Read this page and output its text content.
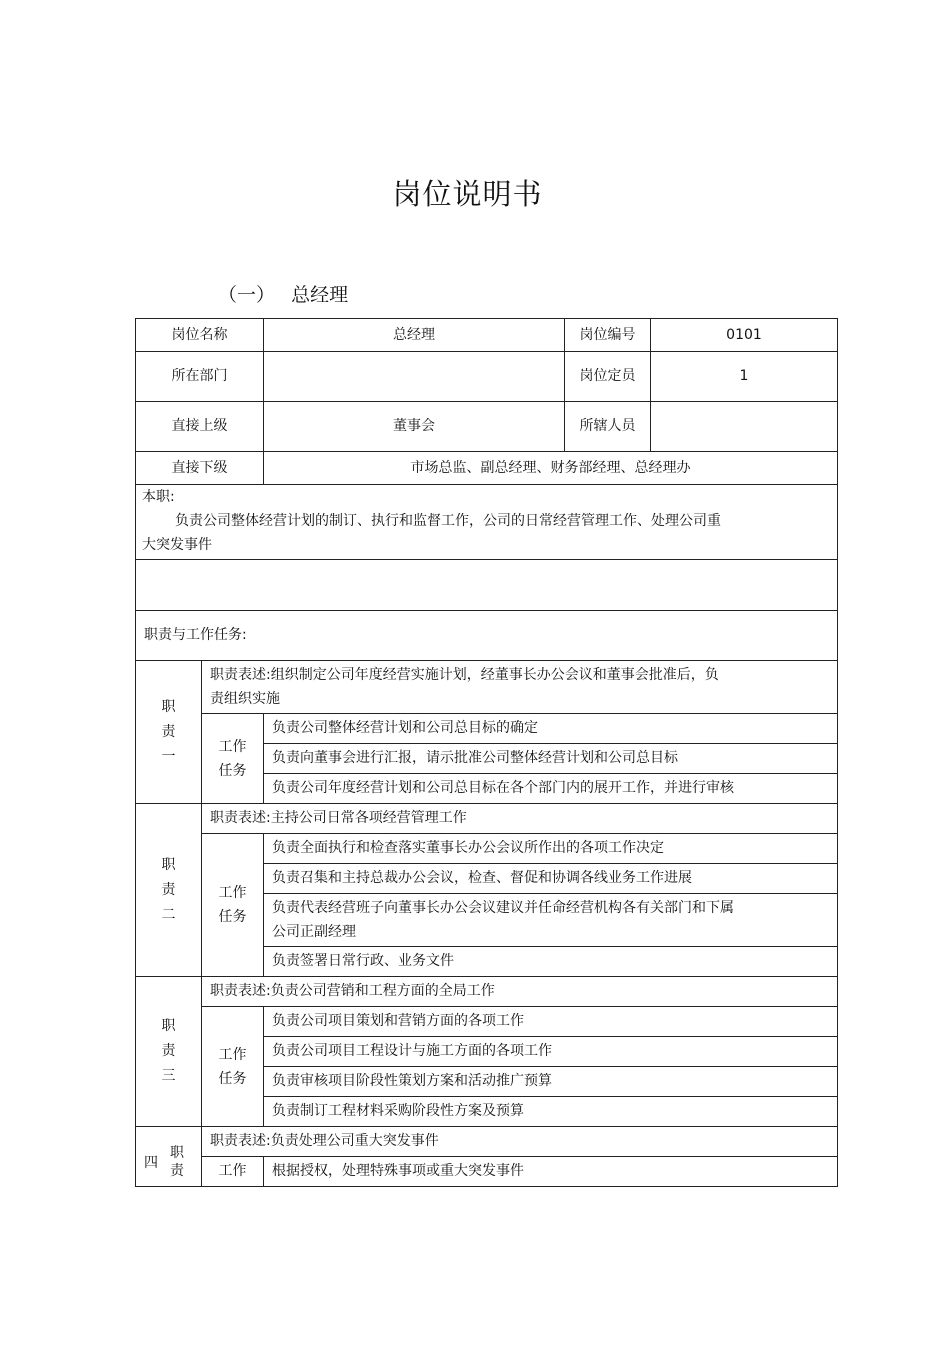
岗位说明书
（一） 总经理
岗位名称		总经理	岗位编号	0101
所在部门			岗位定员	1
直接上级		董事会	所辖人员	
直接下级		市场总监、副总经理、财务部经理、总经理办		
本职:
负责公司整体经营计划的制订、执行和监督工作，公司的日常经营管理工作、处理公司重
大突发事件				

职责与工作任务:				

职
责
一	职责表述:组织制定公司年度经营实施计划，经董事长办公会议和董事会批准后，负
责组织实施			

	工作
任务	负责公司整体经营计划和公司总目标的确定		
		负责向董事会进行汇报，请示批准公司整体经营计划和公司总目标		
		负责公司年度经营计划和公司总目标在各个部门内的展开工作，并进行审核		

职
责
二	职责表述:主持公司日常各项经营管理工作			

	工作
任务	负责全面执行和检查落实董事长办公会议所作出的各项工作决定		
		负责召集和主持总裁办公会议，检查、督促和协调各线业务工作进展		
		负责代表经营班子向董事长办公会议建议并任命经营机构各有关部门和下属
公司正副经理		
		负责签署日常行政、业务文件		

职
责
三	职责表述:负责公司营销和工程方面的全局工作			

	工作
任务	负责公司项目策划和营销方面的各项工作		
		负责公司项目工程设计与施工方面的各项工作		
		负责审核项目阶段性策划方案和活动推广预算		
		负责制订工程材料采购阶段性方案及预算		

四
职
责	职责表述:负责处理公司重大突发事件			
	工作	根据授权，处理特殊事项或重大突发事件		
